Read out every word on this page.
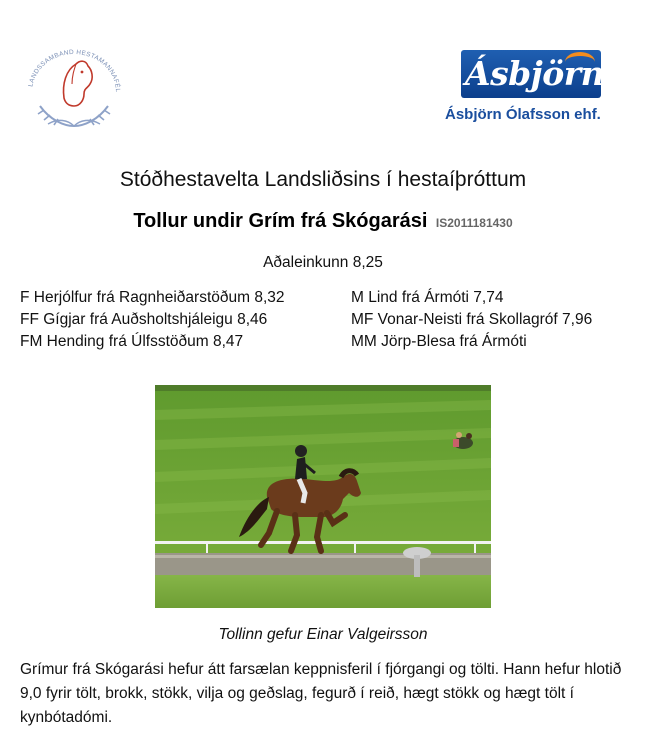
LANDSSAMBAND HESTAMANNAFÉL	Ásbjörn
Ásbjörn Ólafsson ehf.
Stóðhestavelta Landsliðsins í hestaíþróttum
Tollur undir Grím frá Skógarási IS2011181430
Aðaleinkunn 8,25
F Herjólfur frá Ragnheiðarstöðum 8,32
FF Gígjar frá Auðsholtshjáleigu 8,46
FM Hending frá Úlfsstöðum 8,47
M Lind frá Ármóti 7,74
MF Vonar-Neisti frá Skollagróf 7,96
MM Jörp-Blesa frá Ármóti
Tollinn gefur Einar Valgeirsson
Grímur frá Skógarási hefur átt farsælan keppnisferil í fjórgangi og tölti. Hann hefur hlotið 9,0 fyrir tölt, brokk, stökk, vilja og geðslag, fegurð í reið, hægt stökk og hægt tölt í kynbótadómi.
